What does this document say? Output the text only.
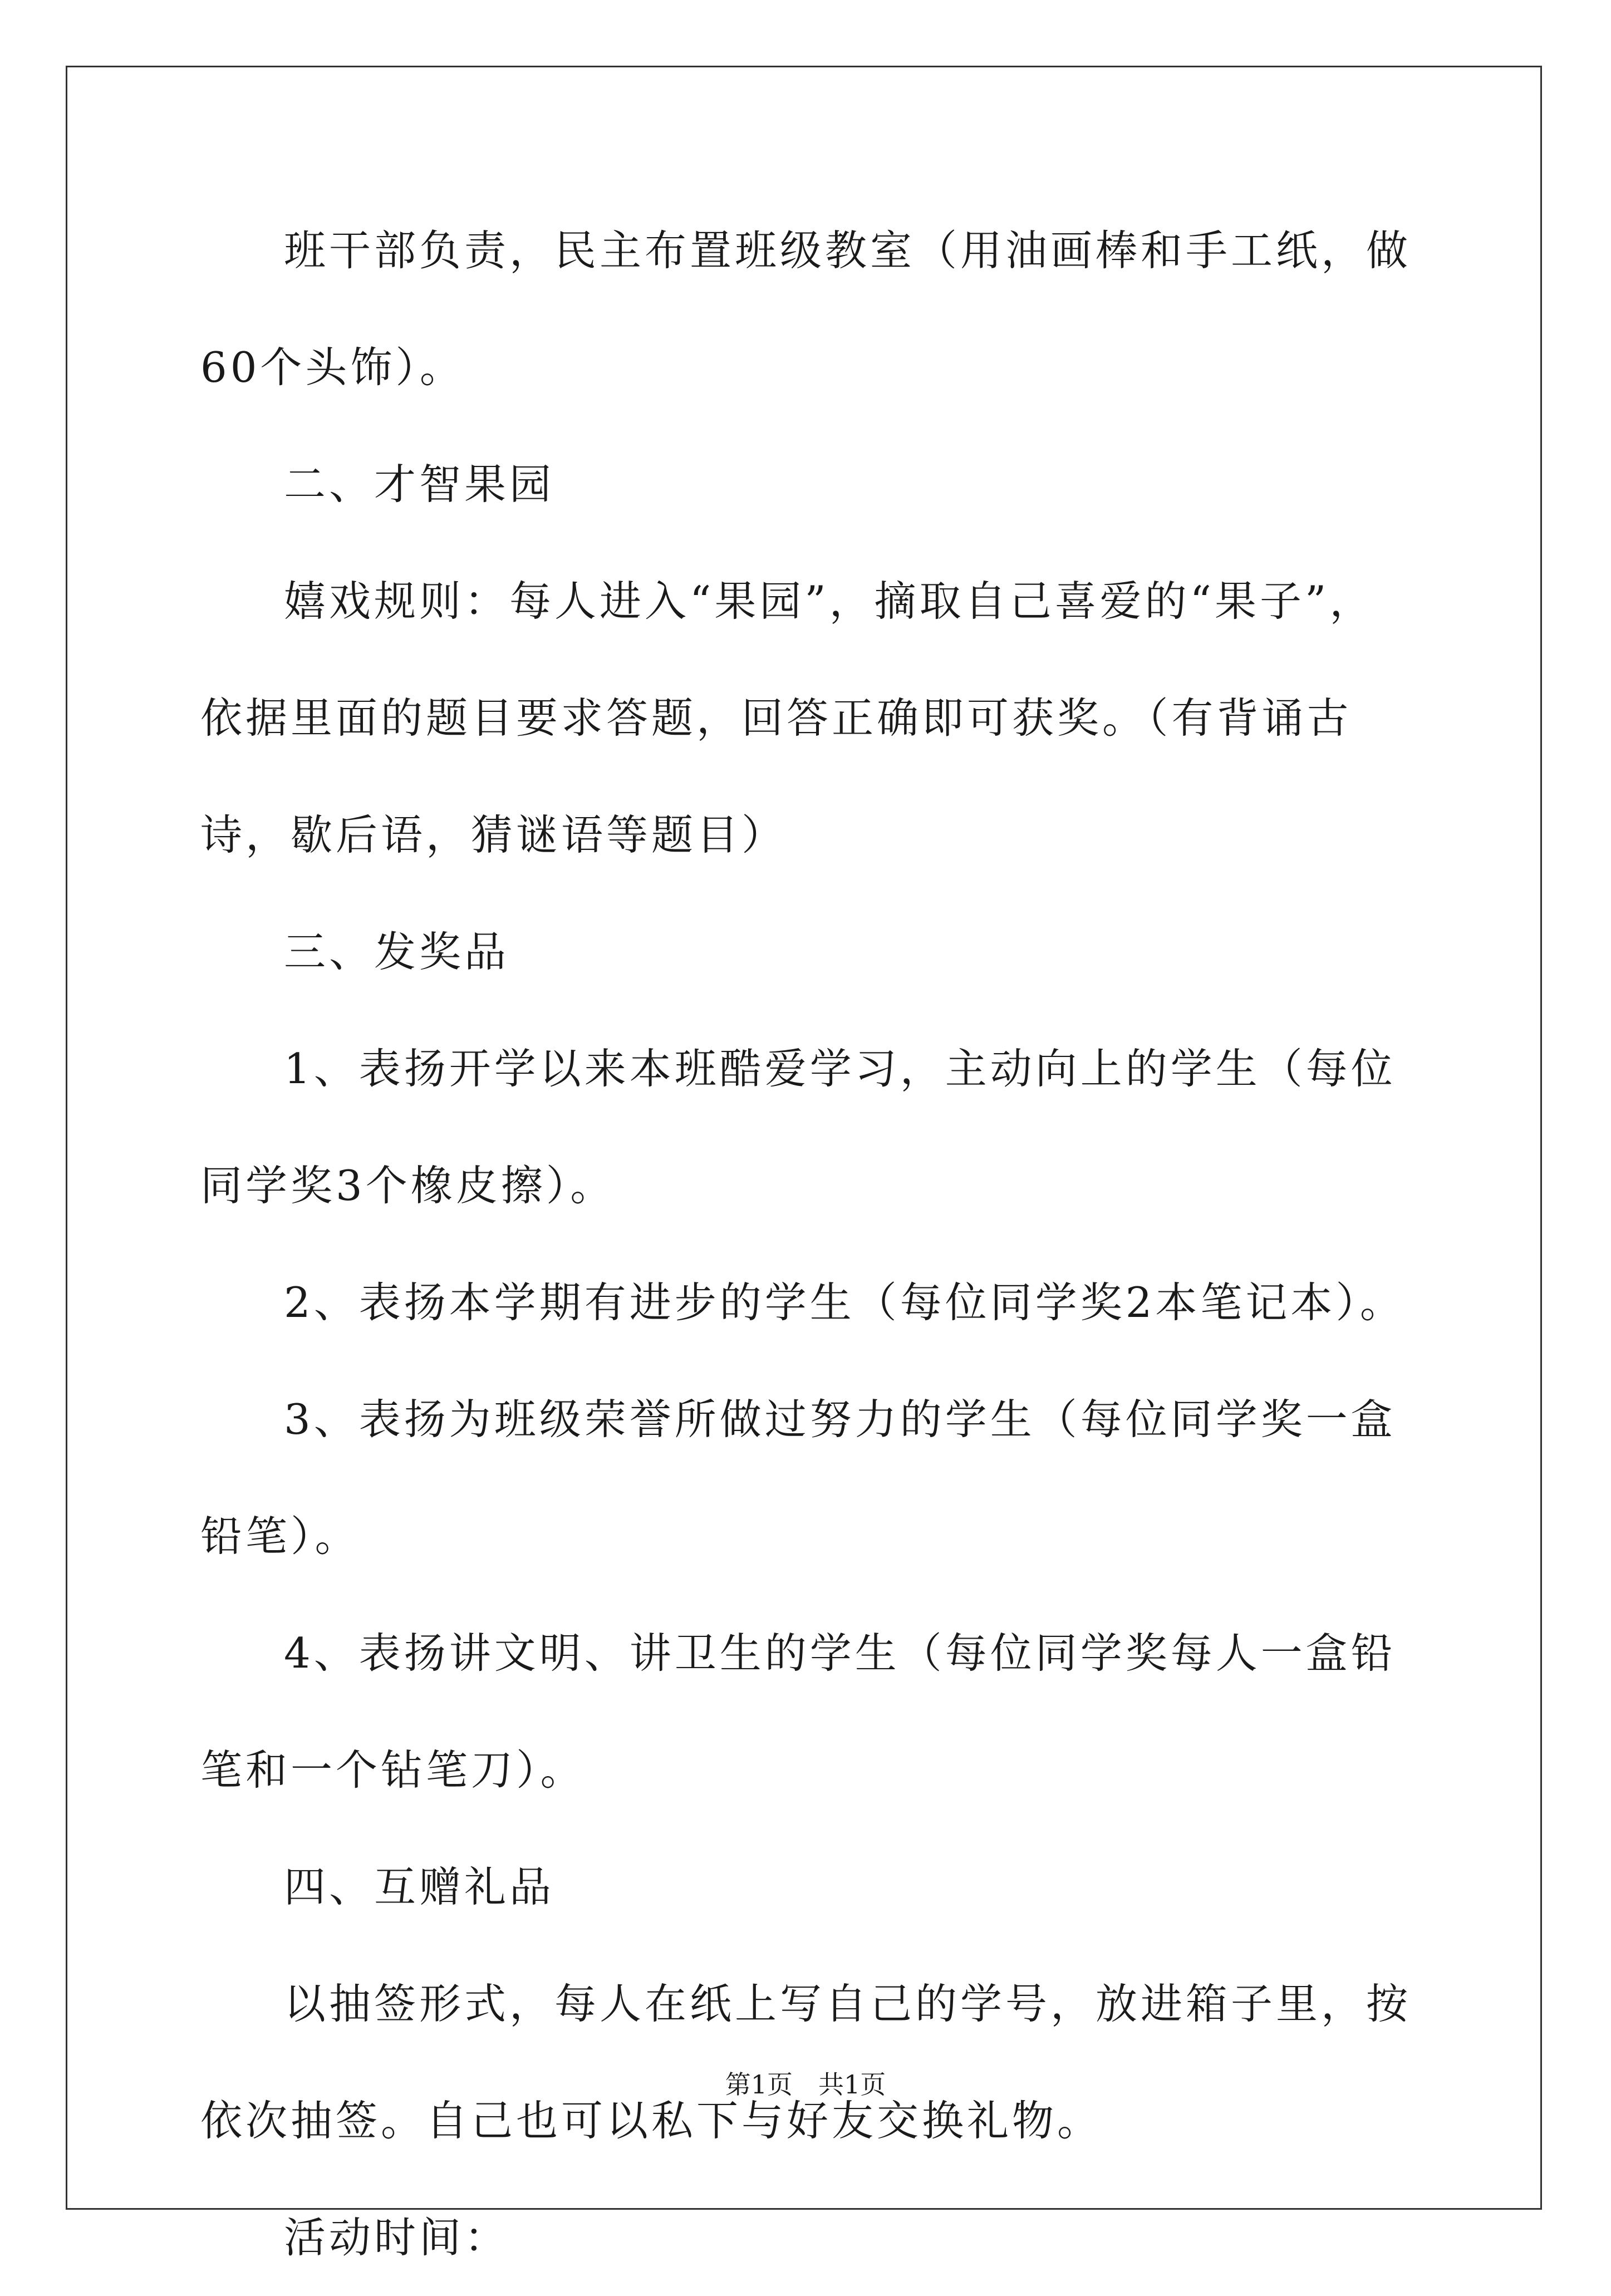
班干部负责，民主布置班级教室（用油画棒和手工纸，做60个头饰）。

二、才智果园

嬉戏规则：每人进入“果园”，摘取自己喜爱的“果子”，依据里面的题目要求答题，回答正确即可获奖。（有背诵古诗，歇后语，猜谜语等题目）

三、发奖品

1、表扬开学以来本班酷爱学习，主动向上的学生（每位同学奖3个橡皮擦）。

2、表扬本学期有进步的学生（每位同学奖2本笔记本）。

3、表扬为班级荣誉所做过努力的学生（每位同学奖一盒铅笔）。

4、表扬讲文明、讲卫生的学生（每位同学奖每人一盒铅笔和一个钻笔刀）。

四、互赠礼品

以抽签形式，每人在纸上写自己的学号，放进箱子里，按依次抽签。自己也可以私下与好友交换礼物。

活动时间：

第1页 共1页
